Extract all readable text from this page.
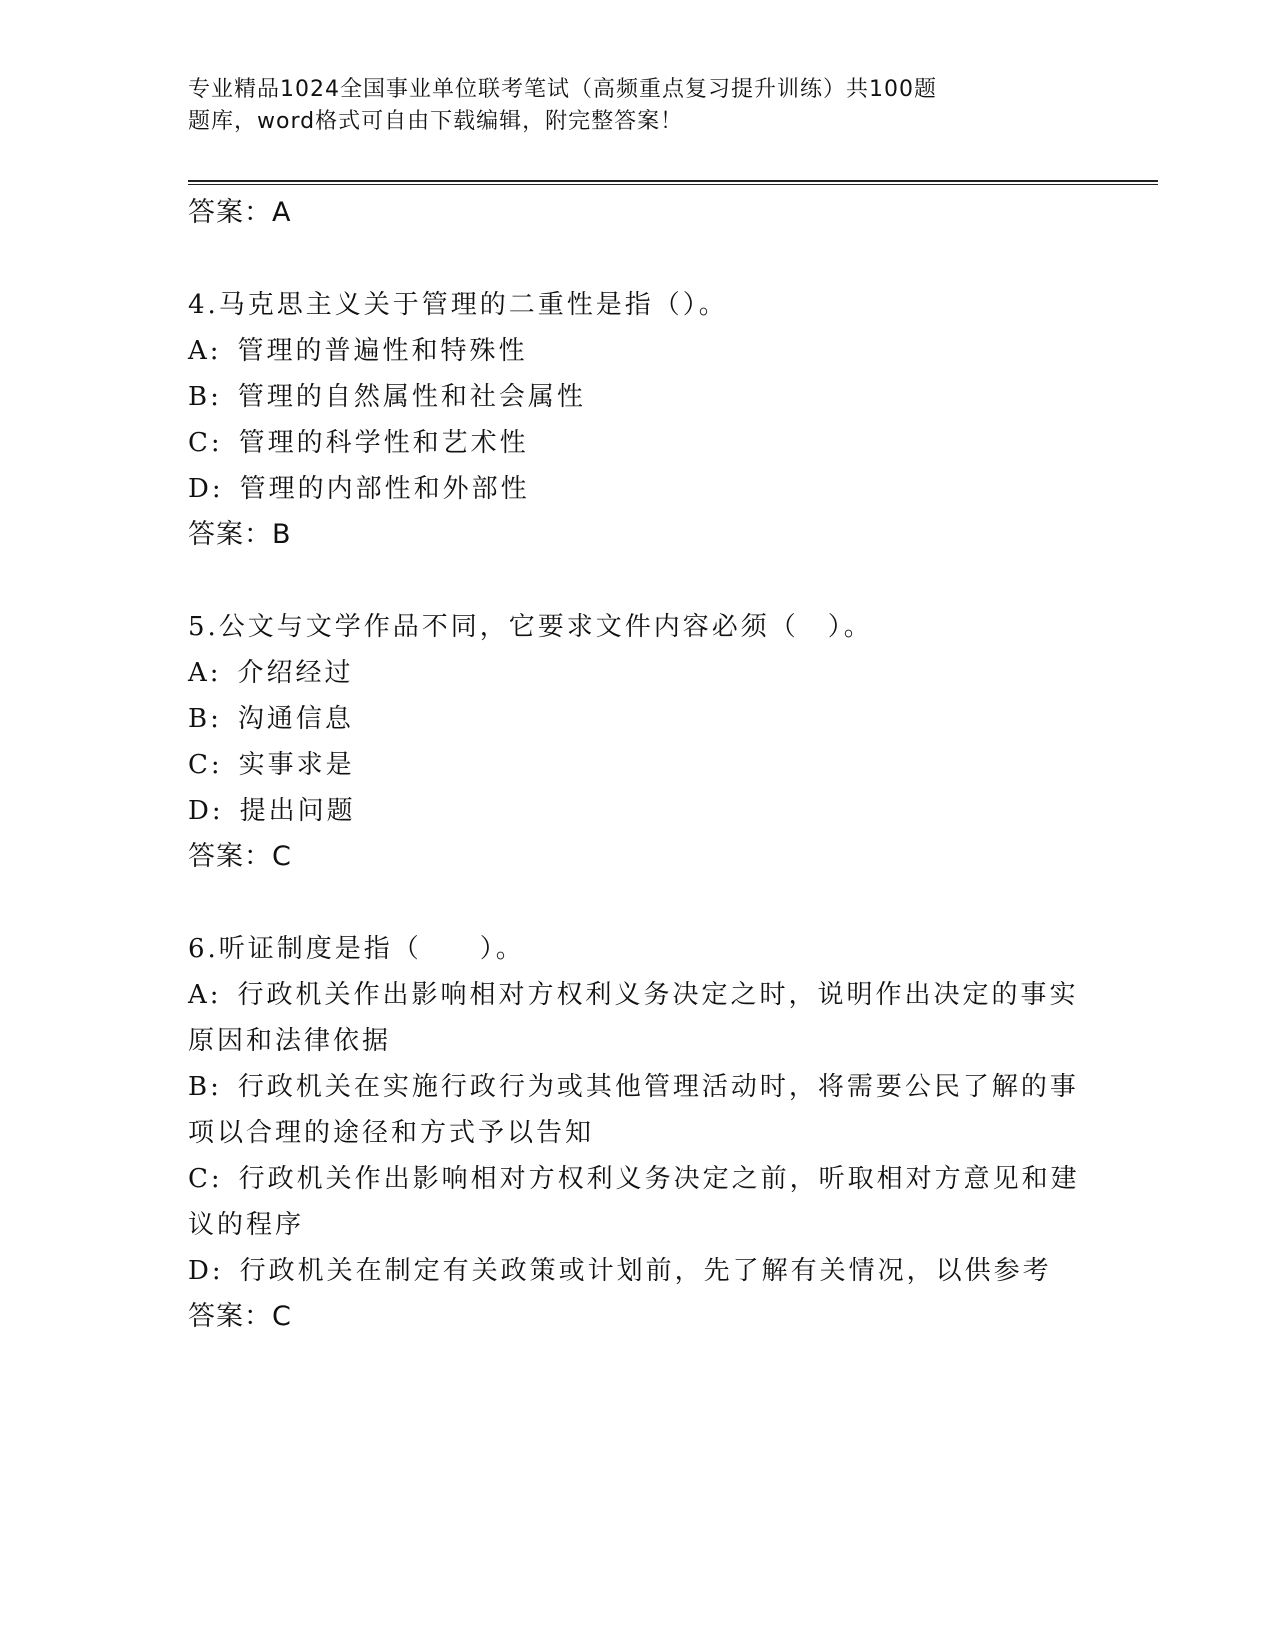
专业精品1024全国事业单位联考笔试（高频重点复习提升训练）共100题
题库，word格式可自由下载编辑，附完整答案！
答案：A

4.马克思主义关于管理的二重性是指（）。

A: 管理的普遍性和特殊性

B: 管理的自然属性和社会属性

C: 管理的科学性和艺术性

D: 管理的内部性和外部性

答案：B

5.公文与文学作品不同，它要求文件内容必须（　）。

A: 介绍经过

B: 沟通信息

C: 实事求是

D: 提出问题

答案：C

6.听证制度是指（　　）。

A: 行政机关作出影响相对方权利义务决定之时，说明作出决定的事实原因和法律依据

B: 行政机关在实施行政行为或其他管理活动时，将需要公民了解的事项以合理的途径和方式予以告知

C: 行政机关作出影响相对方权利义务决定之前，听取相对方意见和建议的程序

D: 行政机关在制定有关政策或计划前，先了解有关情况，以供参考

答案：C
